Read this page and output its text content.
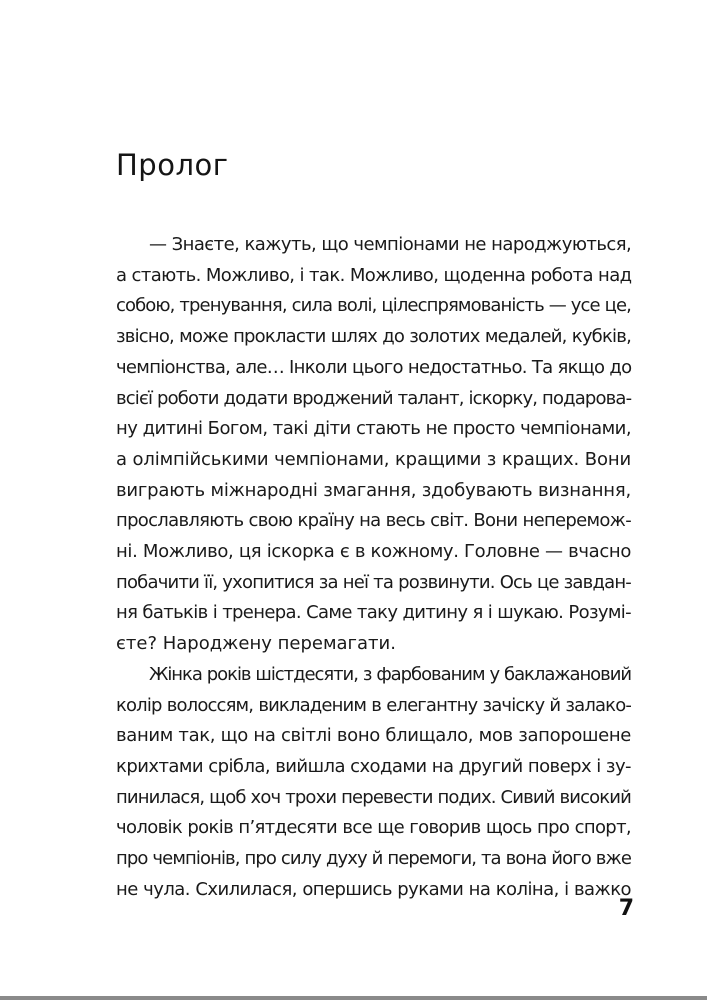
Пролог

— Знаєте, кажуть, що чемпіонами не народжуються,
а стають. Можливо, і так. Можливо, щоденна робота над
собою, тренування, сила волі, цілеспрямованість — усе це,
звісно, може прокласти шлях до золотих медалей, кубків,
чемпіонства, але… Інколи цього недостатньо. Та якщо до
всієї роботи додати вроджений талант, іскорку, подарова-
ну дитині Богом, такі діти стають не просто чемпіонами,
а олімпійськими чемпіонами, кращими з кращих. Вони
виграють міжнародні змагання, здобувають визнання,
прославляють свою країну на весь світ. Вони неперемож-
ні. Можливо, ця іскорка є в кожному. Головне — вчасно
побачити її, ухопитися за неї та розвинути. Ось це завдан-
ня батьків і тренера. Саме таку дитину я і шукаю. Розумі-
єте? Народжену перемагати.

Жінка років шістдесяти, з фарбованим у баклажановий
колір волоссям, викладеним в елегантну зачіску й залако-
ваним так, що на світлі воно блищало, мов запорошене
крихтами срібла, вийшла сходами на другий поверх і зу-
пинилася, щоб хоч трохи перевести подих. Сивий високий
чоловік років п’ятдесяти все ще говорив щось про спорт,
про чемпіонів, про силу духу й перемоги, та вона його вже
не чула. Схилилася, опершись руками на коліна, і важко

7
